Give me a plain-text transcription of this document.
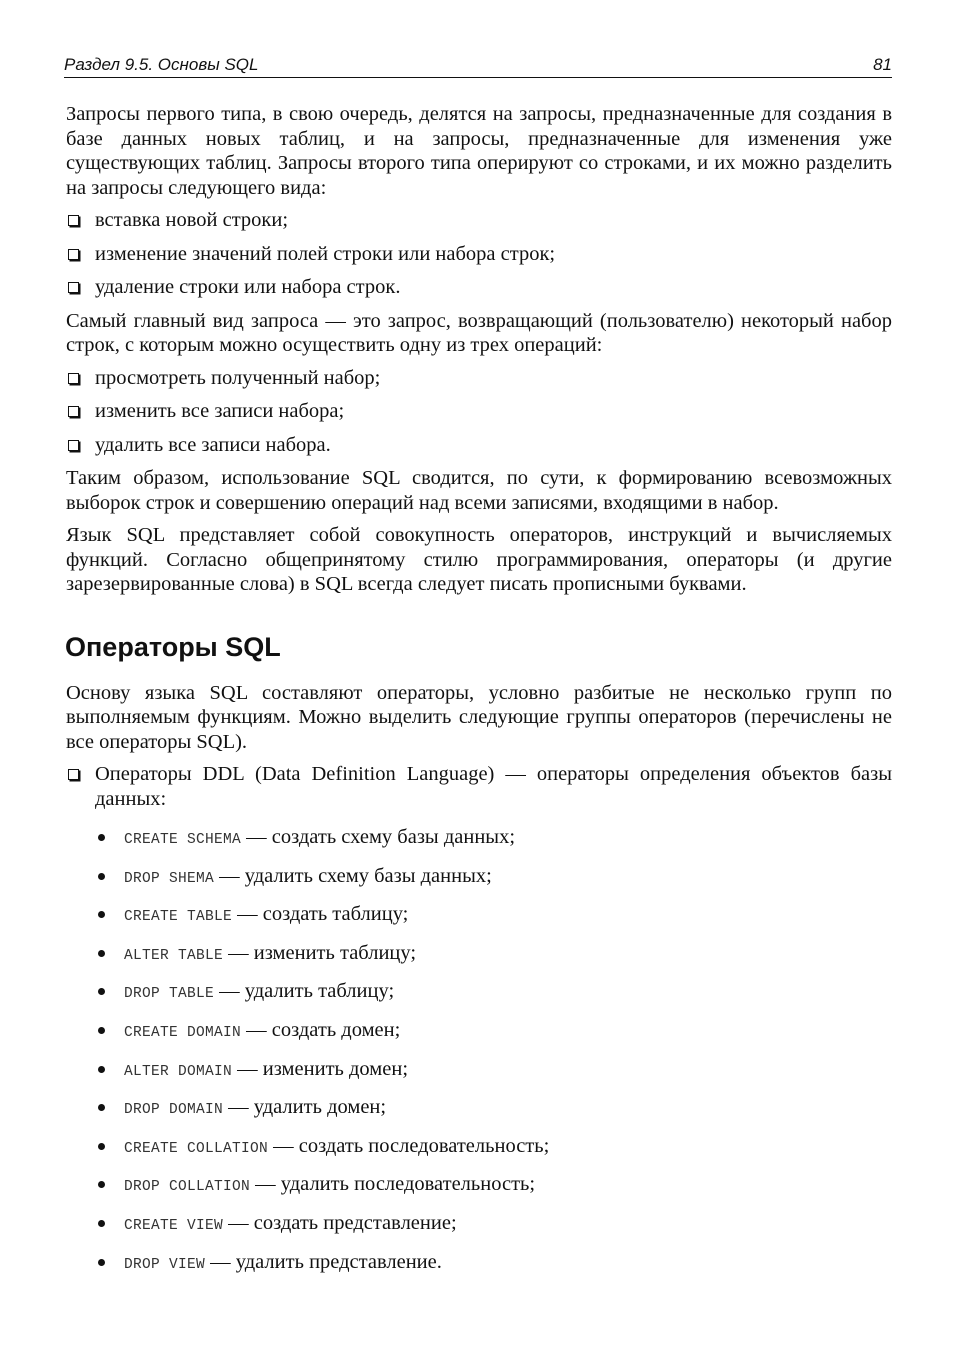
Раздел 9.5. Основы SQL	81

Запросы первого типа, в свою очередь, делятся на запросы, предназначенные для создания в базе данных новых таблиц, и на запросы, предназначенные для изменения уже существующих таблиц. Запросы второго типа оперируют со строками, и их можно разделить на запросы следующего вида:

вставка новой строки;
изменение значений полей строки или набора строк;
удаление строки или набора строк.

Самый главный вид запроса — это запрос, возвращающий (пользователю) некоторый набор строк, с которым можно осуществить одну из трех операций:

просмотреть полученный набор;
изменить все записи набора;
удалить все записи набора.

Таким образом, использование SQL сводится, по сути, к формированию всевозможных выборок строк и совершению операций над всеми записями, входящими в набор.

Язык SQL представляет собой совокупность операторов, инструкций и вычисляемых функций. Согласно общепринятому стилю программирования, операторы (и другие зарезервированные слова) в SQL всегда следует писать прописными буквами.

Операторы SQL

Основу языка SQL составляют операторы, условно разбитые не несколько групп по выполняемым функциям. Можно выделить следующие группы операторов (перечислены не все операторы SQL).

Операторы DDL (Data Definition Language) — операторы определения объектов базы данных:
CREATE SCHEMA — создать схему базы данных;
DROP SHEMA — удалить схему базы данных;
CREATE TABLE — создать таблицу;
ALTER TABLE — изменить таблицу;
DROP TABLE — удалить таблицу;
CREATE DOMAIN — создать домен;
ALTER DOMAIN — изменить домен;
DROP DOMAIN — удалить домен;
CREATE COLLATION — создать последовательность;
DROP COLLATION — удалить последовательность;
CREATE VIEW — создать представление;
DROP VIEW — удалить представление.
